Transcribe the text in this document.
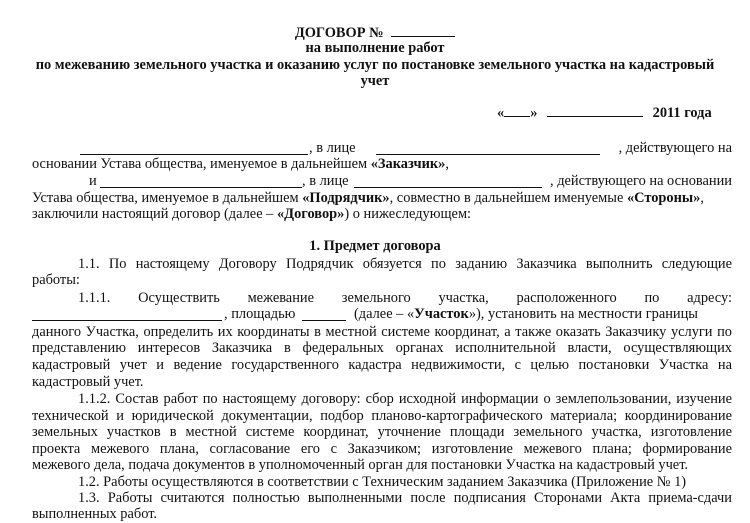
ДОГОВОР №
на выполнение работ
по межеванию земельного участка и оказанию услуг по постановке земельного участка на кадастровый
учет
« »	2011 года
, в лице	, действующего на
основании Устава общества, именуемое в дальнейшем «Заказчик»,
и	, в лице	, действующего на основании
Устава общества, именуемое в дальнейшем «Подрядчик», совместно в дальнейшем именуемые «Стороны»,
заключили настоящий договор (далее – «Договор») о нижеследующем:
1. Предмет договора
1.1. По настоящему Договору Подрядчик обязуется по заданию Заказчика выполнить следующие
работы:
1.1.1. Осуществить межевание земельного участка, расположенного по адресу:
, площадью	(далее – «Участок»), установить на местности границы
данного Участка, определить их координаты в местной системе координат, а также оказать Заказчику услуги по
представлению интересов Заказчика в федеральных органах исполнительной власти, осуществляющих
кадастровый учет и ведение государственного кадастра недвижимости, с целью постановки Участка на
кадастровый учет.
1.1.2. Состав работ по настоящему договору: сбор исходной информации о землепользовании, изучение
технической и юридической документации, подбор планово-картографического материала; координирование
земельных участков в местной системе координат, уточнение площади земельного участка, изготовление
проекта межевого плана, согласование его с Заказчиком; изготовление межевого плана; формирование
межевого дела, подача документов в уполномоченный орган для постановки Участка на кадастровый учет.
1.2. Работы осуществляются в соответствии с Техническим заданием Заказчика (Приложение № 1)
1.3. Работы считаются полностью выполненными после подписания Сторонами Акта приема-сдачи
выполненных работ.
